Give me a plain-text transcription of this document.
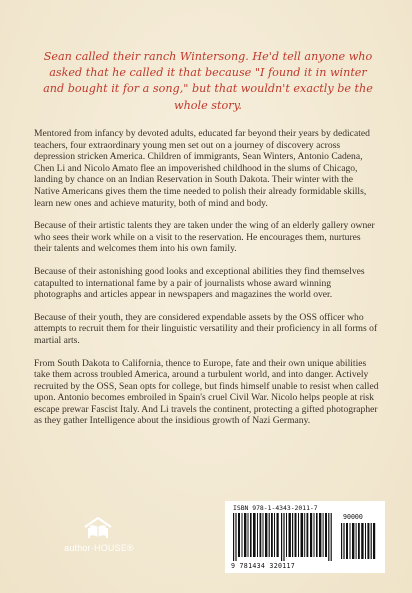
Sean called their ranch Wintersong. He'd tell anyone who asked that he called it that because "I found it in winter and bought it for a song," but that wouldn't exactly be the whole story.

Mentored from infancy by devoted adults, educated far beyond their years by dedicated teachers, four extraordinary young men set out on a journey of discovery across depression stricken America. Children of immigrants, Sean Winters, Antonio Cadena, Chen Li and Nicolo Amato flee an impoverished childhood in the slums of Chicago, landing by chance on an Indian Reservation in South Dakota. Their winter with the Native Americans gives them the time needed to polish their already formidable skills, learn new ones and achieve maturity, both of mind and body.

Because of their artistic talents they are taken under the wing of an elderly gallery owner who sees their work while on a visit to the reservation. He encourages them, nurtures their talents and welcomes them into his own family.

Because of their astonishing good looks and exceptional abilities they find themselves catapulted to international fame by a pair of journalists whose award winning photographs and articles appear in newspapers and magazines the world over.

Because of their youth, they are considered expendable assets by the OSS officer who attempts to recruit them for their linguistic versatility and their proficiency in all forms of martial arts.

From South Dakota to California, thence to Europe, fate and their own unique abilities take them across troubled America, around a turbulent world, and into danger. Actively recruited by the OSS, Sean opts for college, but finds himself unable to resist when called upon. Antonio becomes embroiled in Spain's cruel Civil War. Nicolo helps people at risk escape prewar Fascist Italy. And Li travels the continent, protecting a gifted photographer as they gather Intelligence about the insidious growth of Nazi Germany.

author·HOUSE®
ISBN 978-1-4343-2011-7
90000
9 781434 320117
